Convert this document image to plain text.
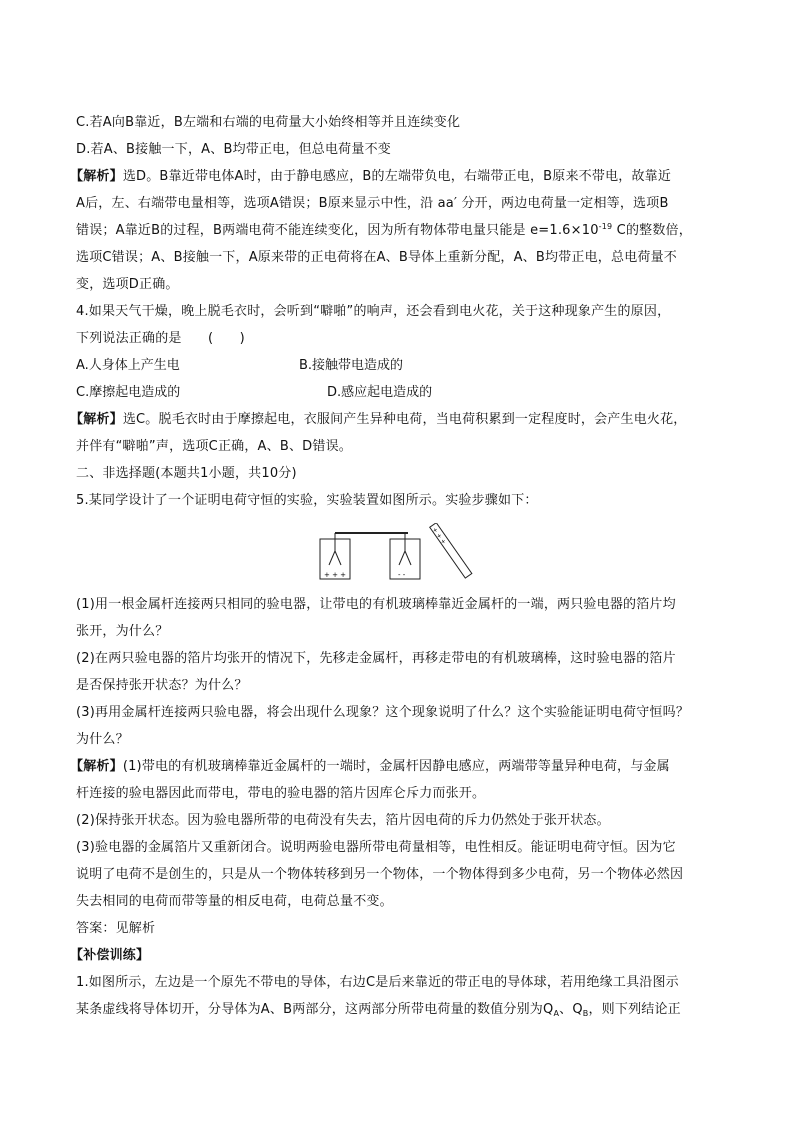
C.若A向B靠近，B左端和右端的电荷量大小始终相等并且连续变化
D.若A、B接触一下，A、B均带正电，但总电荷量不变
【解析】选D。B靠近带电体A时，由于静电感应，B的左端带负电，右端带正电，B原来不带电，故靠近
A后，左、右端带电量相等，选项A错误；B原来显示中性，沿 aa′ 分开，两边电荷量一定相等，选项B
错误；A靠近B的过程，B两端电荷不能连续变化，因为所有物体带电量只能是 $e=1.6\times 10^{-19}$ C的整数倍，
选项C错误；A、B接触一下，A原来带的正电荷将在A、B导体上重新分配，A、B均带正电，总电荷量不
变，选项D正确。
4.如果天气干燥，晚上脱毛衣时，会听到“噼啪”的响声，还会看到电火花，关于这种现象产生的原因，
下列说法正确的是　　(　　)
A.人身体上产生电	B.接触带电造成的
C.摩擦起电造成的	D.感应起电造成的
【解析】选C。脱毛衣时由于摩擦起电，衣服间产生异种电荷，当电荷积累到一定程度时，会产生电火花，
并伴有“噼啪”声，选项C正确，A、B、D错误。
二、非选择题(本题共1小题，共10分)
5.某同学设计了一个证明电荷守恒的实验，实验装置如图所示。实验步骤如下：
+ + +	- -
+ + +
(1)用一根金属杆连接两只相同的验电器，让带电的有机玻璃棒靠近金属杆的一端，两只验电器的箔片均
张开，为什么？
(2)在两只验电器的箔片均张开的情况下，先移走金属杆，再移走带电的有机玻璃棒，这时验电器的箔片
是否保持张开状态？为什么？
(3)再用金属杆连接两只验电器，将会出现什么现象？这个现象说明了什么？这个实验能证明电荷守恒吗？
为什么？
【解析】(1)带电的有机玻璃棒靠近金属杆的一端时，金属杆因静电感应，两端带等量异种电荷，与金属
杆连接的验电器因此而带电，带电的验电器的箔片因库仑斥力而张开。
(2)保持张开状态。因为验电器所带的电荷没有失去，箔片因电荷的斥力仍然处于张开状态。
(3)验电器的金属箔片又重新闭合。说明两验电器所带电荷量相等，电性相反。能证明电荷守恒。因为它
说明了电荷不是创生的，只是从一个物体转移到另一个物体，一个物体得到多少电荷，另一个物体必然因
失去相同的电荷而带等量的相反电荷，电荷总量不变。
答案：见解析
【补偿训练】
1.如图所示，左边是一个原先不带电的导体，右边C是后来靠近的带正电的导体球，若用绝缘工具沿图示
某条虚线将导体切开，分导体为A、B两部分，这两部分所带电荷量的数值分别为$Q_A$、$Q_B$，则下列结论正
